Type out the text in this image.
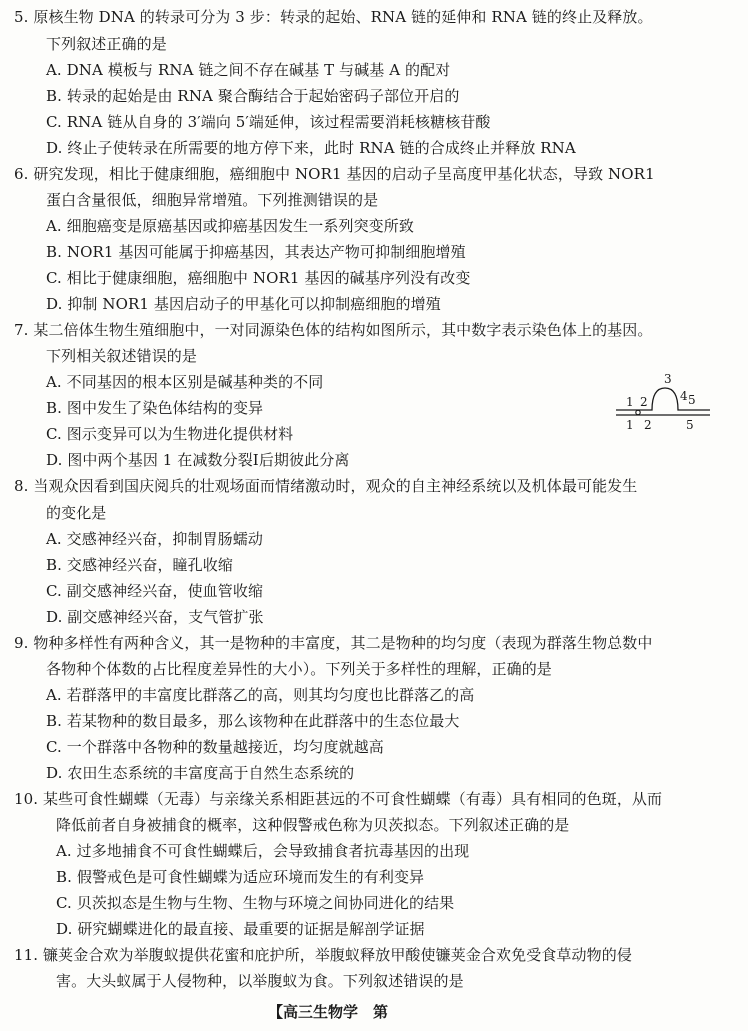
5. 原核生物 DNA 的转录可分为 3 步：转录的起始、RNA 链的延伸和 RNA 链的终止及释放。
下列叙述正确的是
A. DNA 模板与 RNA 链之间不存在碱基 T 与碱基 A 的配对
B. 转录的起始是由 RNA 聚合酶结合于起始密码子部位开启的
C. RNA 链从自身的 3′端向 5′端延伸，该过程需要消耗核糖核苷酸
D. 终止子使转录在所需要的地方停下来，此时 RNA 链的合成终止并释放 RNA
6. 研究发现，相比于健康细胞，癌细胞中 NOR1 基因的启动子呈高度甲基化状态，导致 NOR1
蛋白含量很低，细胞异常增殖。下列推测错误的是
A. 细胞癌变是原癌基因或抑癌基因发生一系列突变所致
B. NOR1 基因可能属于抑癌基因，其表达产物可抑制细胞增殖
C. 相比于健康细胞，癌细胞中 NOR1 基因的碱基序列没有改变
D. 抑制 NOR1 基因启动子的甲基化可以抑制癌细胞的增殖
7. 某二倍体生物生殖细胞中，一对同源染色体的结构如图所示，其中数字表示染色体上的基因。
下列相关叙述错误的是
A. 不同基因的根本区别是碱基种类的不同
B. 图中发生了染色体结构的变异
C. 图示变异可以为生物进化提供材料
D. 图中两个基因 1 在减数分裂Ⅰ后期彼此分离
3
4 5
1 2
1 2	5
8. 当观众因看到国庆阅兵的壮观场面而情绪激动时，观众的自主神经系统以及机体最可能发生
的变化是
A. 交感神经兴奋，抑制胃肠蠕动
B. 交感神经兴奋，瞳孔收缩
C. 副交感神经兴奋，使血管收缩
D. 副交感神经兴奋，支气管扩张
9. 物种多样性有两种含义，其一是物种的丰富度，其二是物种的均匀度（表现为群落生物总数中
各物种个体数的占比程度差异性的大小）。下列关于多样性的理解，正确的是
A. 若群落甲的丰富度比群落乙的高，则其均匀度也比群落乙的高
B. 若某物种的数目最多，那么该物种在此群落中的生态位最大
C. 一个群落中各物种的数量越接近，均匀度就越高
D. 农田生态系统的丰富度高于自然生态系统的
10. 某些可食性蝴蝶（无毒）与亲缘关系相距甚远的不可食性蝴蝶（有毒）具有相同的色斑，从而
降低前者自身被捕食的概率，这种假警戒色称为贝茨拟态。下列叙述正确的是
A. 过多地捕食不可食性蝴蝶后，会导致捕食者抗毒基因的出现
B. 假警戒色是可食性蝴蝶为适应环境而发生的有利变异
C. 贝茨拟态是生物与生物、生物与环境之间协同进化的结果
D. 研究蝴蝶进化的最直接、最重要的证据是解剖学证据
11. 镰荚金合欢为举腹蚁提供花蜜和庇护所，举腹蚁释放甲酸使镰荚金合欢免受食草动物的侵
害。大头蚁属于人侵物种，以举腹蚁为食。下列叙述错误的是
【高三生物学　第
